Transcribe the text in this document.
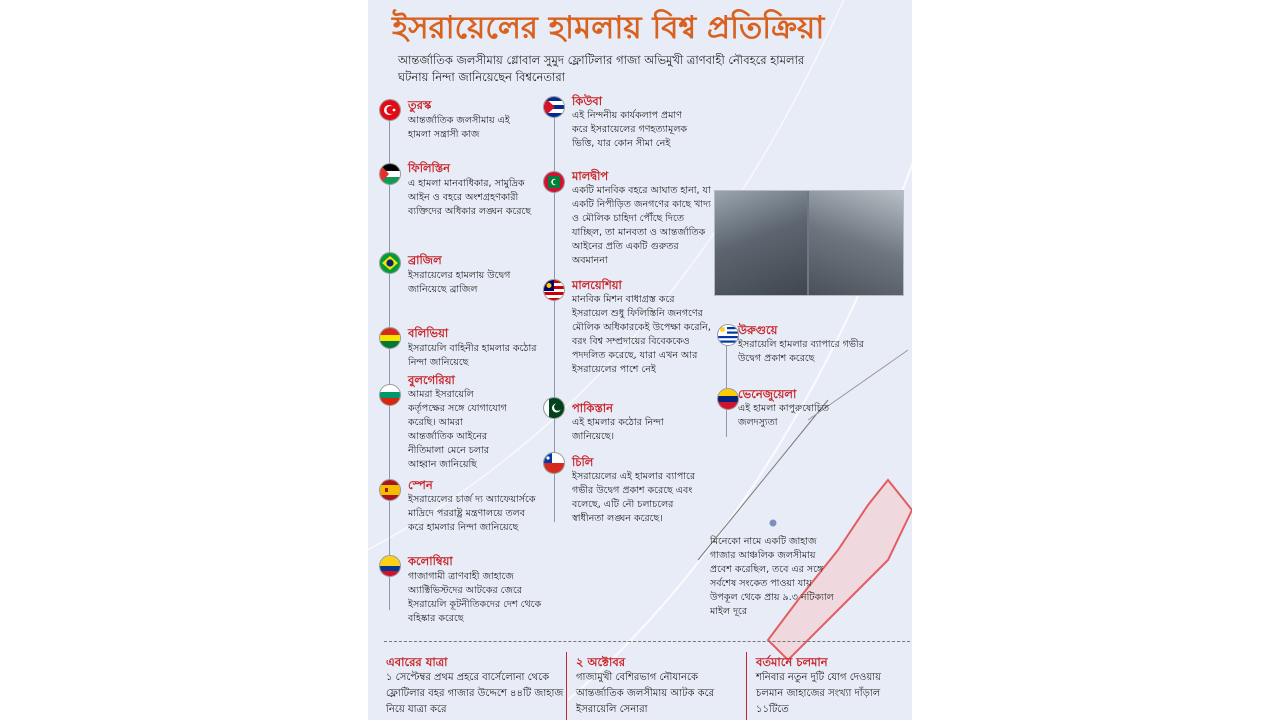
ইসরায়েলের হামলায় বিশ্ব প্রতিক্রিয়া
আন্তর্জাতিক জলসীমায় গ্লোবাল সুমুদ ফ্লোটিলার গাজা অভিমুখী ত্রাণবাহী নৌবহরে হামলার ঘটনায় নিন্দা জানিয়েছেন বিশ্বনেতারা
তুরস্ক
আন্তর্জাতিক জলসীমায় এই হামলা সন্ত্রাসী কাজ
ফিলিস্তিন
এ হামলা মানবাধিকার, সামুদ্রিক আইন ও বহরে অংশগ্রহণকারী ব্যক্তিদের অধিকার লঙ্ঘন করেছে
ব্রাজিল
ইসরায়েলের হামলায় উদ্বেগ জানিয়েছে ব্রাজিল
বলিভিয়া
ইসরায়েলি বাহিনীর হামলার কঠোর নিন্দা জানিয়েছে
বুলগেরিয়া
আমরা ইসরায়েলি কর্তৃপক্ষের সঙ্গে যোগাযোগ করেছি। আমরা আন্তর্জাতিক আইনের নীতিমালা মেনে চলার আহ্বান জানিয়েছি
স্পেন
ইসরায়েলের চার্জ দ্য অ্যাফেয়ার্সকে মাদ্রিদে পররাষ্ট্র মন্ত্রণালয়ে তলব করে হামলার নিন্দা জানিয়েছে
কলোম্বিয়া
গাজাগামী ত্রাণবাহী জাহাজে অ্যাক্টিভিস্টদের আটকের জেরে ইসরায়েলি কূটনীতিকদের দেশ থেকে বহিষ্কার করেছে
কিউবা
এই নিন্দনীয় কার্যকলাপ প্রমাণ করে ইসরায়েলের গণহত্যামূলক ভিত্তি, যার কোন সীমা নেই
মালদ্বীপ
একটি মানবিক বহরে আঘাত হানা, যা একটি নিপীড়িত জনগণের কাছে খাদ্য ও মৌলিক চাহিদা পৌঁছে দিতে যাচ্ছিল, তা মানবতা ও আন্তর্জাতিক আইনের প্রতি একটি গুরুতর অবমাননা
মালয়েশিয়া
মানবিক মিশন বাধাগ্রস্ত করে ইসরায়েল শুধু ফিলিস্তিনি জনগণের মৌলিক অধিকারকেই উপেক্ষা করেনি, বরং বিশ্ব সম্প্রদায়ের বিবেককেও পদদলিত করেছে, যারা এখন আর ইসরায়েলের পাশে নেই
পাকিস্তান
এই হামলার কঠোর নিন্দা জানিয়েছে।
চিলি
ইসরায়েলের এই হামলার ব্যাপারে গভীর উদ্বেগ প্রকাশ করেছে এবং বলেছে, এটি নৌ চলাচলের স্বাধীনতা লঙ্ঘন করেছে।
উরুগুয়ে
ইসরায়েলি হামলার ব্যাপারে গভীর উদ্বেগ প্রকাশ করেছে
ভেনেজুয়েলা
এই হামলা কাপুরুষোচিত জলদস্যুতা
মিনেকো নামে একটি জাহাজ গাজার আঞ্চলিক জলসীমায় প্রবেশ করেছিল, তবে এর সঙ্গে সর্বশেষ সংকেত পাওয়া যায় উপকূল থেকে প্রায় ৯.৩ নটিক্যাল মাইল দূরে
এবারের যাত্রা
১ সেপ্টেম্বর প্রথম প্রহরে বার্সেলোনা থেকে ফ্লোটিলার বহর গাজার উদ্দেশে ৪৪টি জাহাজ নিয়ে যাত্রা করে
২ অক্টোবর
গাজামুখী বেশিরভাগ নৌযানকে আন্তর্জাতিক জলসীমায় আটক করে ইসরায়েলি সেনারা
বর্তমানে চলমান
শনিবার নতুন দুটি যোগ দেওয়ায় চলমান জাহাজের সংখ্যা দাঁড়াল ১১টিতে
